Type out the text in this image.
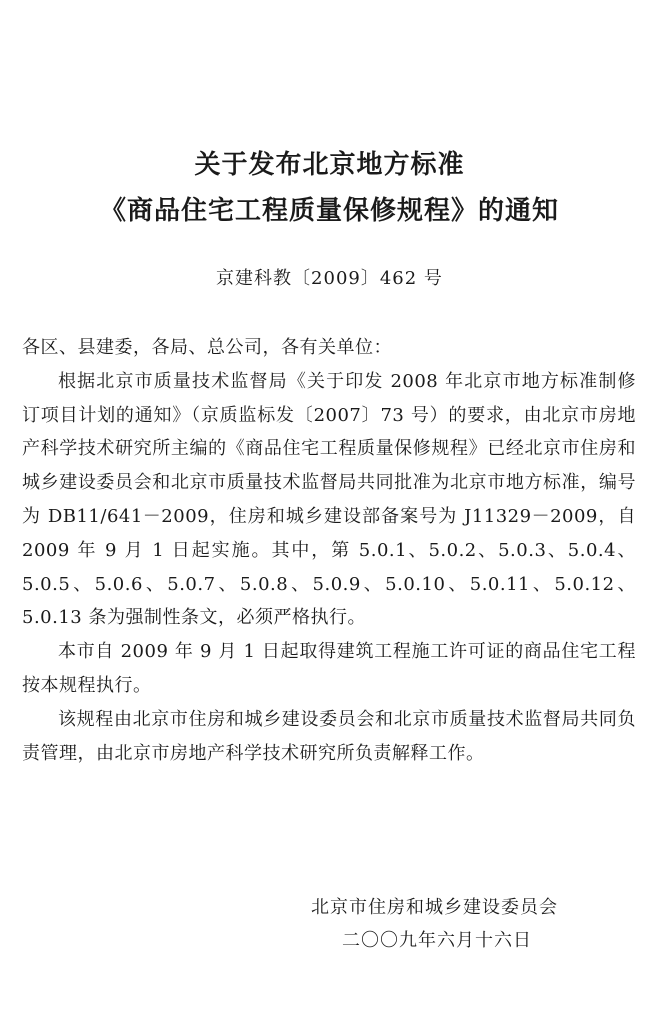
关于发布北京地方标准
《商品住宅工程质量保修规程》的通知
京建科教〔2009〕462 号

各区、县建委，各局、总公司，各有关单位：

根据北京市质量技术监督局《关于印发 2008 年北京市地方标准制修订项目计划的通知》（京质监标发〔2007〕73 号）的要求，由北京市房地产科学技术研究所主编的《商品住宅工程质量保修规程》已经北京市住房和城乡建设委员会和北京市质量技术监督局共同批准为北京市地方标准，编号为 DB11/641－2009，住房和城乡建设部备案号为 J11329－2009，自 2009 年 9 月 1 日起实施。其中，第 5.0.1、5.0.2、5.0.3、5.0.4、5.0.5、5.0.6、5.0.7、5.0.8、5.0.9、5.0.10、5.0.11、5.0.12、5.0.13 条为强制性条文，必须严格执行。

本市自 2009 年 9 月 1 日起取得建筑工程施工许可证的商品住宅工程按本规程执行。

该规程由北京市住房和城乡建设委员会和北京市质量技术监督局共同负责管理，由北京市房地产科学技术研究所负责解释工作。

北京市住房和城乡建设委员会
二〇〇九年六月十六日
